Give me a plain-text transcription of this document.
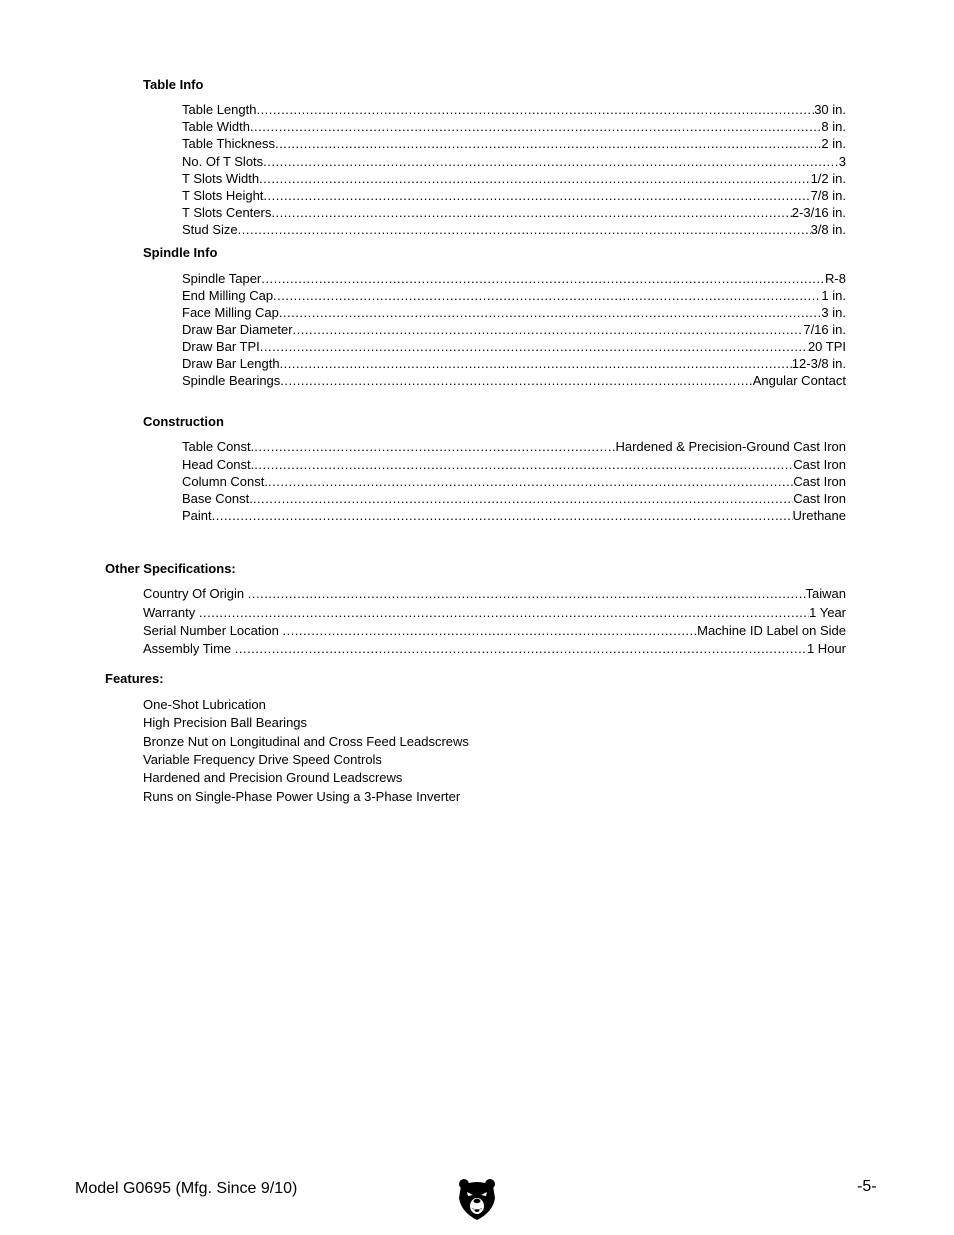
Table Info
Table Length .....	30 in.
Table Width .....	8 in.
Table Thickness .....	2 in.
No. Of T Slots .....	3
T Slots Width .....	1/2 in.
T Slots Height .....	7/8 in.
T Slots Centers .....	2-3/16 in.
Stud Size .....	3/8 in.
Spindle Info
Spindle Taper .....	R-8
End Milling Cap .....	1 in.
Face Milling Cap .....	3 in.
Draw Bar Diameter .....	7/16 in.
Draw Bar TPI .....	20 TPI
Draw Bar Length .....	12-3/8 in.
Spindle Bearings .....	Angular Contact
Construction
Table Const. .....	Hardened & Precision-Ground Cast Iron
Head Const. .....	Cast Iron
Column Const. .....	Cast Iron
Base Const. .....	Cast Iron
Paint .....	Urethane
Other Specifications:
Country Of Origin .....	Taiwan
Warranty .....	1 Year
Serial Number Location .....	Machine ID Label on Side
Assembly Time .....	1 Hour
Features:
One-Shot Lubrication
High Precision Ball Bearings
Bronze Nut on Longitudinal and Cross Feed Leadscrews
Variable Frequency Drive Speed Controls
Hardened and Precision Ground Leadscrews
Runs on Single-Phase Power Using a 3-Phase Inverter
Model G0695 (Mfg. Since 9/10)	-5-
